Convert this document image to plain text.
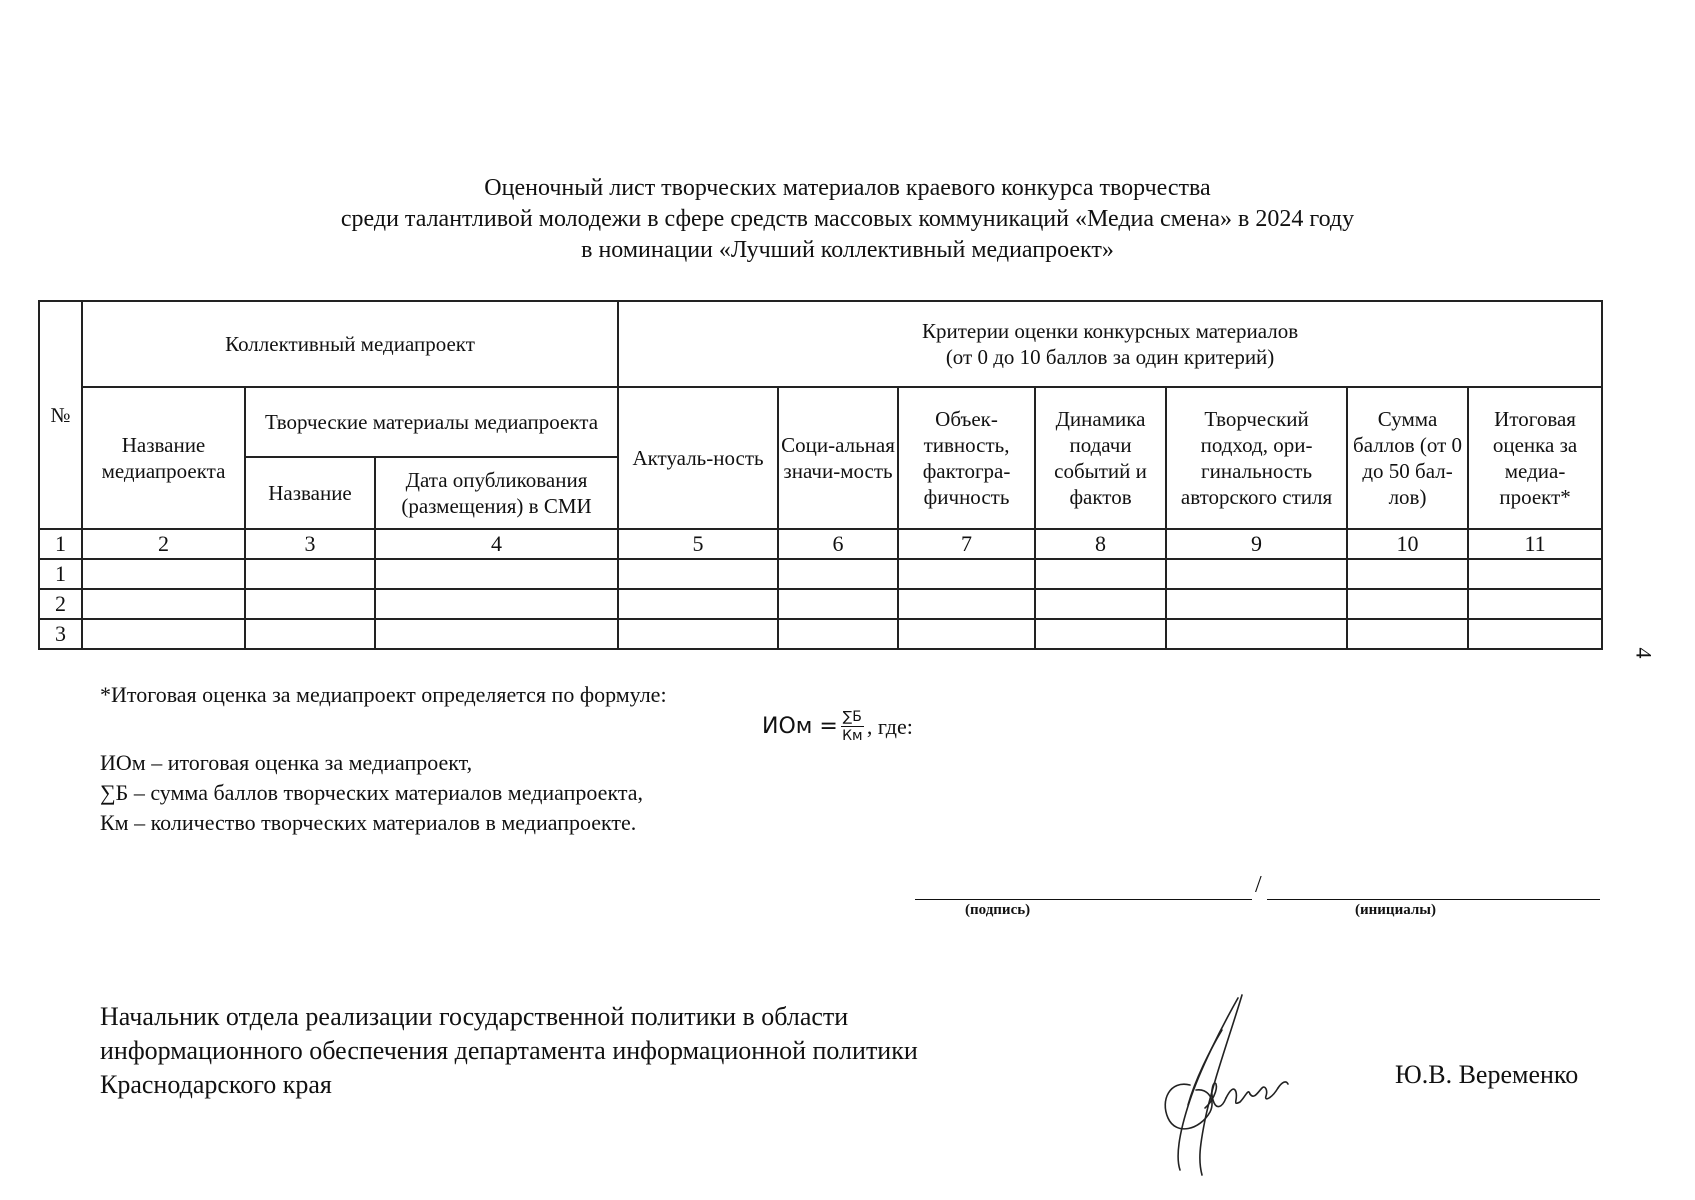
Оценочный лист творческих материалов краевого конкурса творчества
среди талантливой молодежи в сфере средств массовых коммуникаций «Медиа смена» в 2024 году
в номинации «Лучший коллективный медиапроект»
№	Коллективный медиапроект			Критерии оценки конкурсных материалов
(от 0 до 10 баллов за один критерий)						

	Название медиапроекта	Творческие материалы медиапроекта		Актуаль-ность	Соци-альная значи-мость	Объек-тивность, фактогра-фичность	Динамика подачи событий и фактов	Творческий подход, ори-гинальность авторского стиля	Сумма баллов (от 0 до 50 бал-лов)	Итоговая оценка за медиа-проект*
		Название	Дата опубликования (размещения) в СМИ							
1	2	3	4	5	6	7	8	9	10	11
1										
2										
3										
4
*Итоговая оценка за медиапроект определяется по формуле:
ИОм = $\frac{\sum Б}{Км}$ , где:
ИОм – итоговая оценка за медиапроект,
∑Б – сумма баллов творческих материалов медиапроекта,
Км – количество творческих материалов в медиапроекте.
/
(подпись)	(инициалы)
Начальник отдела реализации государственной политики в области
информационного обеспечения департамента информационной политики
Краснодарского края	Ю.В. Веременко
